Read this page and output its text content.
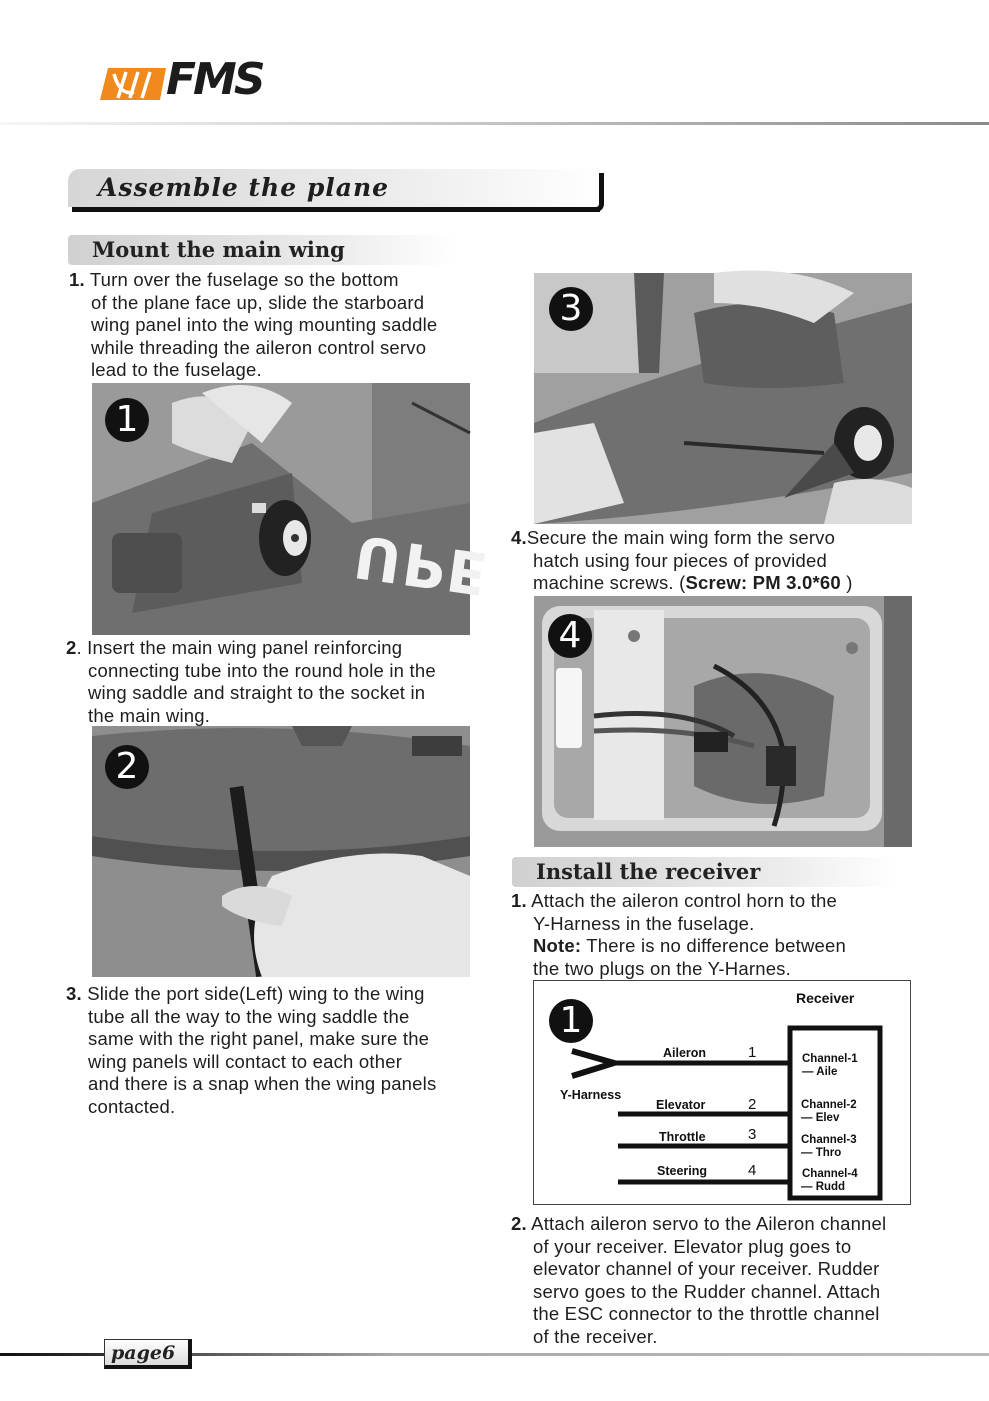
FMS
Assemble the plane
Mount the main wing
1. Turn over the fuselage so the bottom
of the plane face up, slide the starboard
wing panel into the wing mounting saddle
while threading the aileron control servo
lead to the fuselage.
UPE
1
2. Insert the main wing panel reinforcing
connecting tube into the round hole in the
wing saddle and straight to the socket in
the main wing.
2
3. Slide the port side(Left) wing to the wing
tube all the way to the wing saddle the
same with the right panel, make sure the
wing panels will contact to each other
and there is a snap when the wing panels
contacted.
3
4.Secure the main wing form the servo
hatch using four pieces of provided
machine screws. (Screw: PM 3.0*60 )
4
Install the receiver
1. Attach the aileron control horn to the
Y-Harness in the fuselage.
Note: There is no difference between
the two plugs on the Y-Harnes.
1
Receiver
Y-Harness
Aileron	1	Channel-1
— Aile
Elevator	2	Channel-2
— Elev
Throttle	3	Channel-3
— Thro
Steering	4	Channel-4
— Rudd
2. Attach aileron servo to the Aileron channel
of your receiver. Elevator plug goes to
elevator channel of your receiver. Rudder
servo goes to the Rudder channel. Attach
the ESC connector to the throttle channel
of the receiver.
page6
